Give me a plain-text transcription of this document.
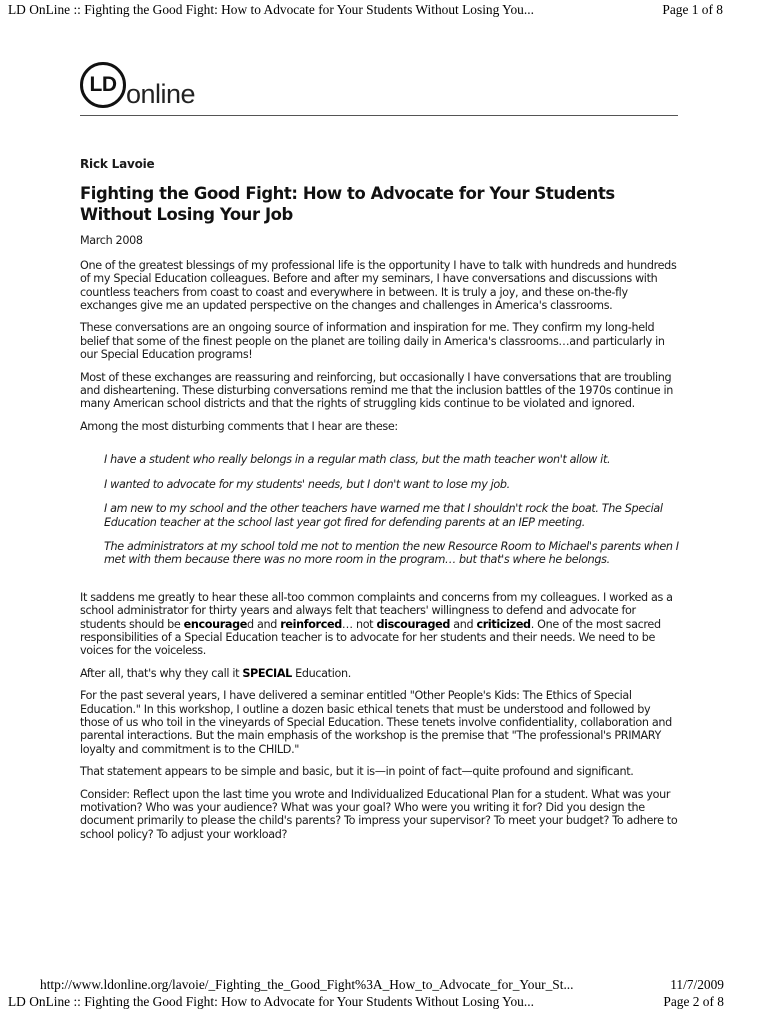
LD OnLine :: Fighting the Good Fight: How to Advocate for Your Students Without Losing You...	Page 1 of 8
LD online
Rick Lavoie
Fighting the Good Fight: How to Advocate for Your Students Without Losing Your Job
March 2008

One of the greatest blessings of my professional life is the opportunity I have to talk with hundreds and hundreds of my Special Education colleagues. Before and after my seminars, I have conversations and discussions with countless teachers from coast to coast and everywhere in between. It is truly a joy, and these on-the-fly exchanges give me an updated perspective on the changes and challenges in America's classrooms.

These conversations are an ongoing source of information and inspiration for me. They confirm my long-held belief that some of the finest people on the planet are toiling daily in America's classrooms…and particularly in our Special Education programs!

Most of these exchanges are reassuring and reinforcing, but occasionally I have conversations that are troubling and disheartening. These disturbing conversations remind me that the inclusion battles of the 1970s continue in many American school districts and that the rights of struggling kids continue to be violated and ignored.

Among the most disturbing comments that I hear are these:

I have a student who really belongs in a regular math class, but the math teacher won't allow it.

I wanted to advocate for my students' needs, but I don't want to lose my job.

I am new to my school and the other teachers have warned me that I shouldn't rock the boat. The Special Education teacher at the school last year got fired for defending parents at an IEP meeting.

The administrators at my school told me not to mention the new Resource Room to Michael's parents when I met with them because there was no more room in the program… but that's where he belongs.

It saddens me greatly to hear these all-too common complaints and concerns from my colleagues. I worked as a school administrator for thirty years and always felt that teachers' willingness to defend and advocate for students should be encouraged and reinforced… not discouraged and criticized. One of the most sacred responsibilities of a Special Education teacher is to advocate for her students and their needs. We need to be voices for the voiceless.

After all, that's why they call it SPECIAL Education.

For the past several years, I have delivered a seminar entitled "Other People's Kids: The Ethics of Special Education." In this workshop, I outline a dozen basic ethical tenets that must be understood and followed by those of us who toil in the vineyards of Special Education. These tenets involve confidentiality, collaboration and parental interactions. But the main emphasis of the workshop is the premise that "The professional's PRIMARY loyalty and commitment is to the CHILD."

That statement appears to be simple and basic, but it is—in point of fact—quite profound and significant.

Consider: Reflect upon the last time you wrote and Individualized Educational Plan for a student. What was your motivation? Who was your audience? What was your goal? Who were you writing it for? Did you design the document primarily to please the child's parents? To impress your supervisor? To meet your budget? To adhere to school policy? To adjust your workload?

http://www.ldonline.org/lavoie/_Fighting_the_Good_Fight%3A_How_to_Advocate_for_Your_St...	11/7/2009
LD OnLine :: Fighting the Good Fight: How to Advocate for Your Students Without Losing You...	Page 2 of 8
